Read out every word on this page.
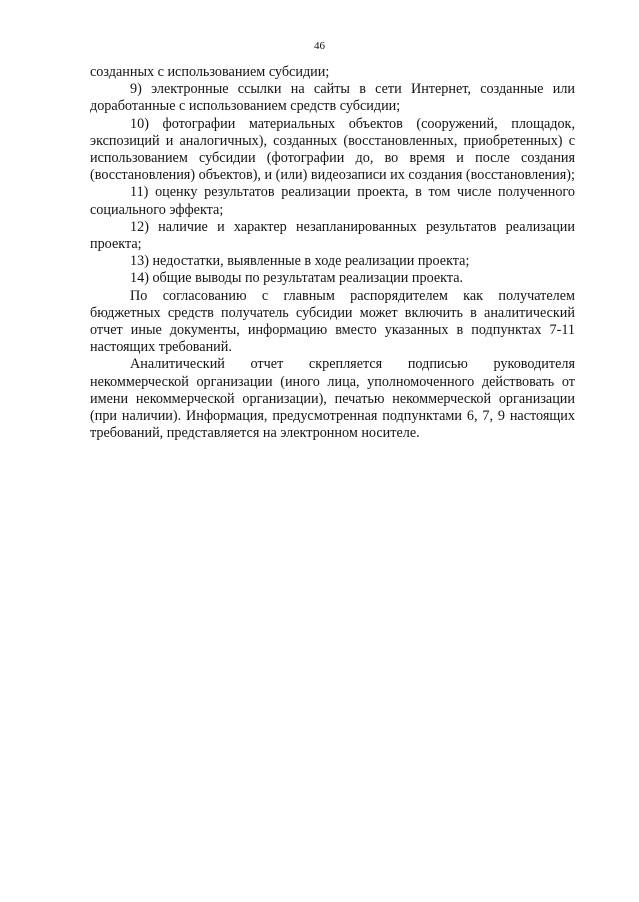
46

созданных с использованием субсидии;

9) электронные ссылки на сайты в сети Интернет, созданные или доработанные с использованием средств субсидии;

10) фотографии материальных объектов (сооружений, площадок, экспозиций и аналогичных), созданных (восстановленных, приобретенных) с использованием субсидии (фотографии до, во время и после создания (восстановления) объектов), и (или) видеозаписи их создания (восстановления);

11) оценку результатов реализации проекта, в том числе полученного социального эффекта;

12) наличие и характер незапланированных результатов реализации проекта;

13) недостатки, выявленные в ходе реализации проекта;

14) общие выводы по результатам реализации проекта.

По согласованию с главным распорядителем как получателем бюджетных средств получатель субсидии может включить в аналитический отчет иные документы, информацию вместо указанных в подпунктах 7-11 настоящих требований.

Аналитический отчет скрепляется подписью руководителя некоммерческой организации (иного лица, уполномоченного действовать от имени некоммерческой организации), печатью некоммерческой организации (при наличии). Информация, предусмотренная подпунктами 6, 7, 9 настоящих требований, представляется на электронном носителе.
